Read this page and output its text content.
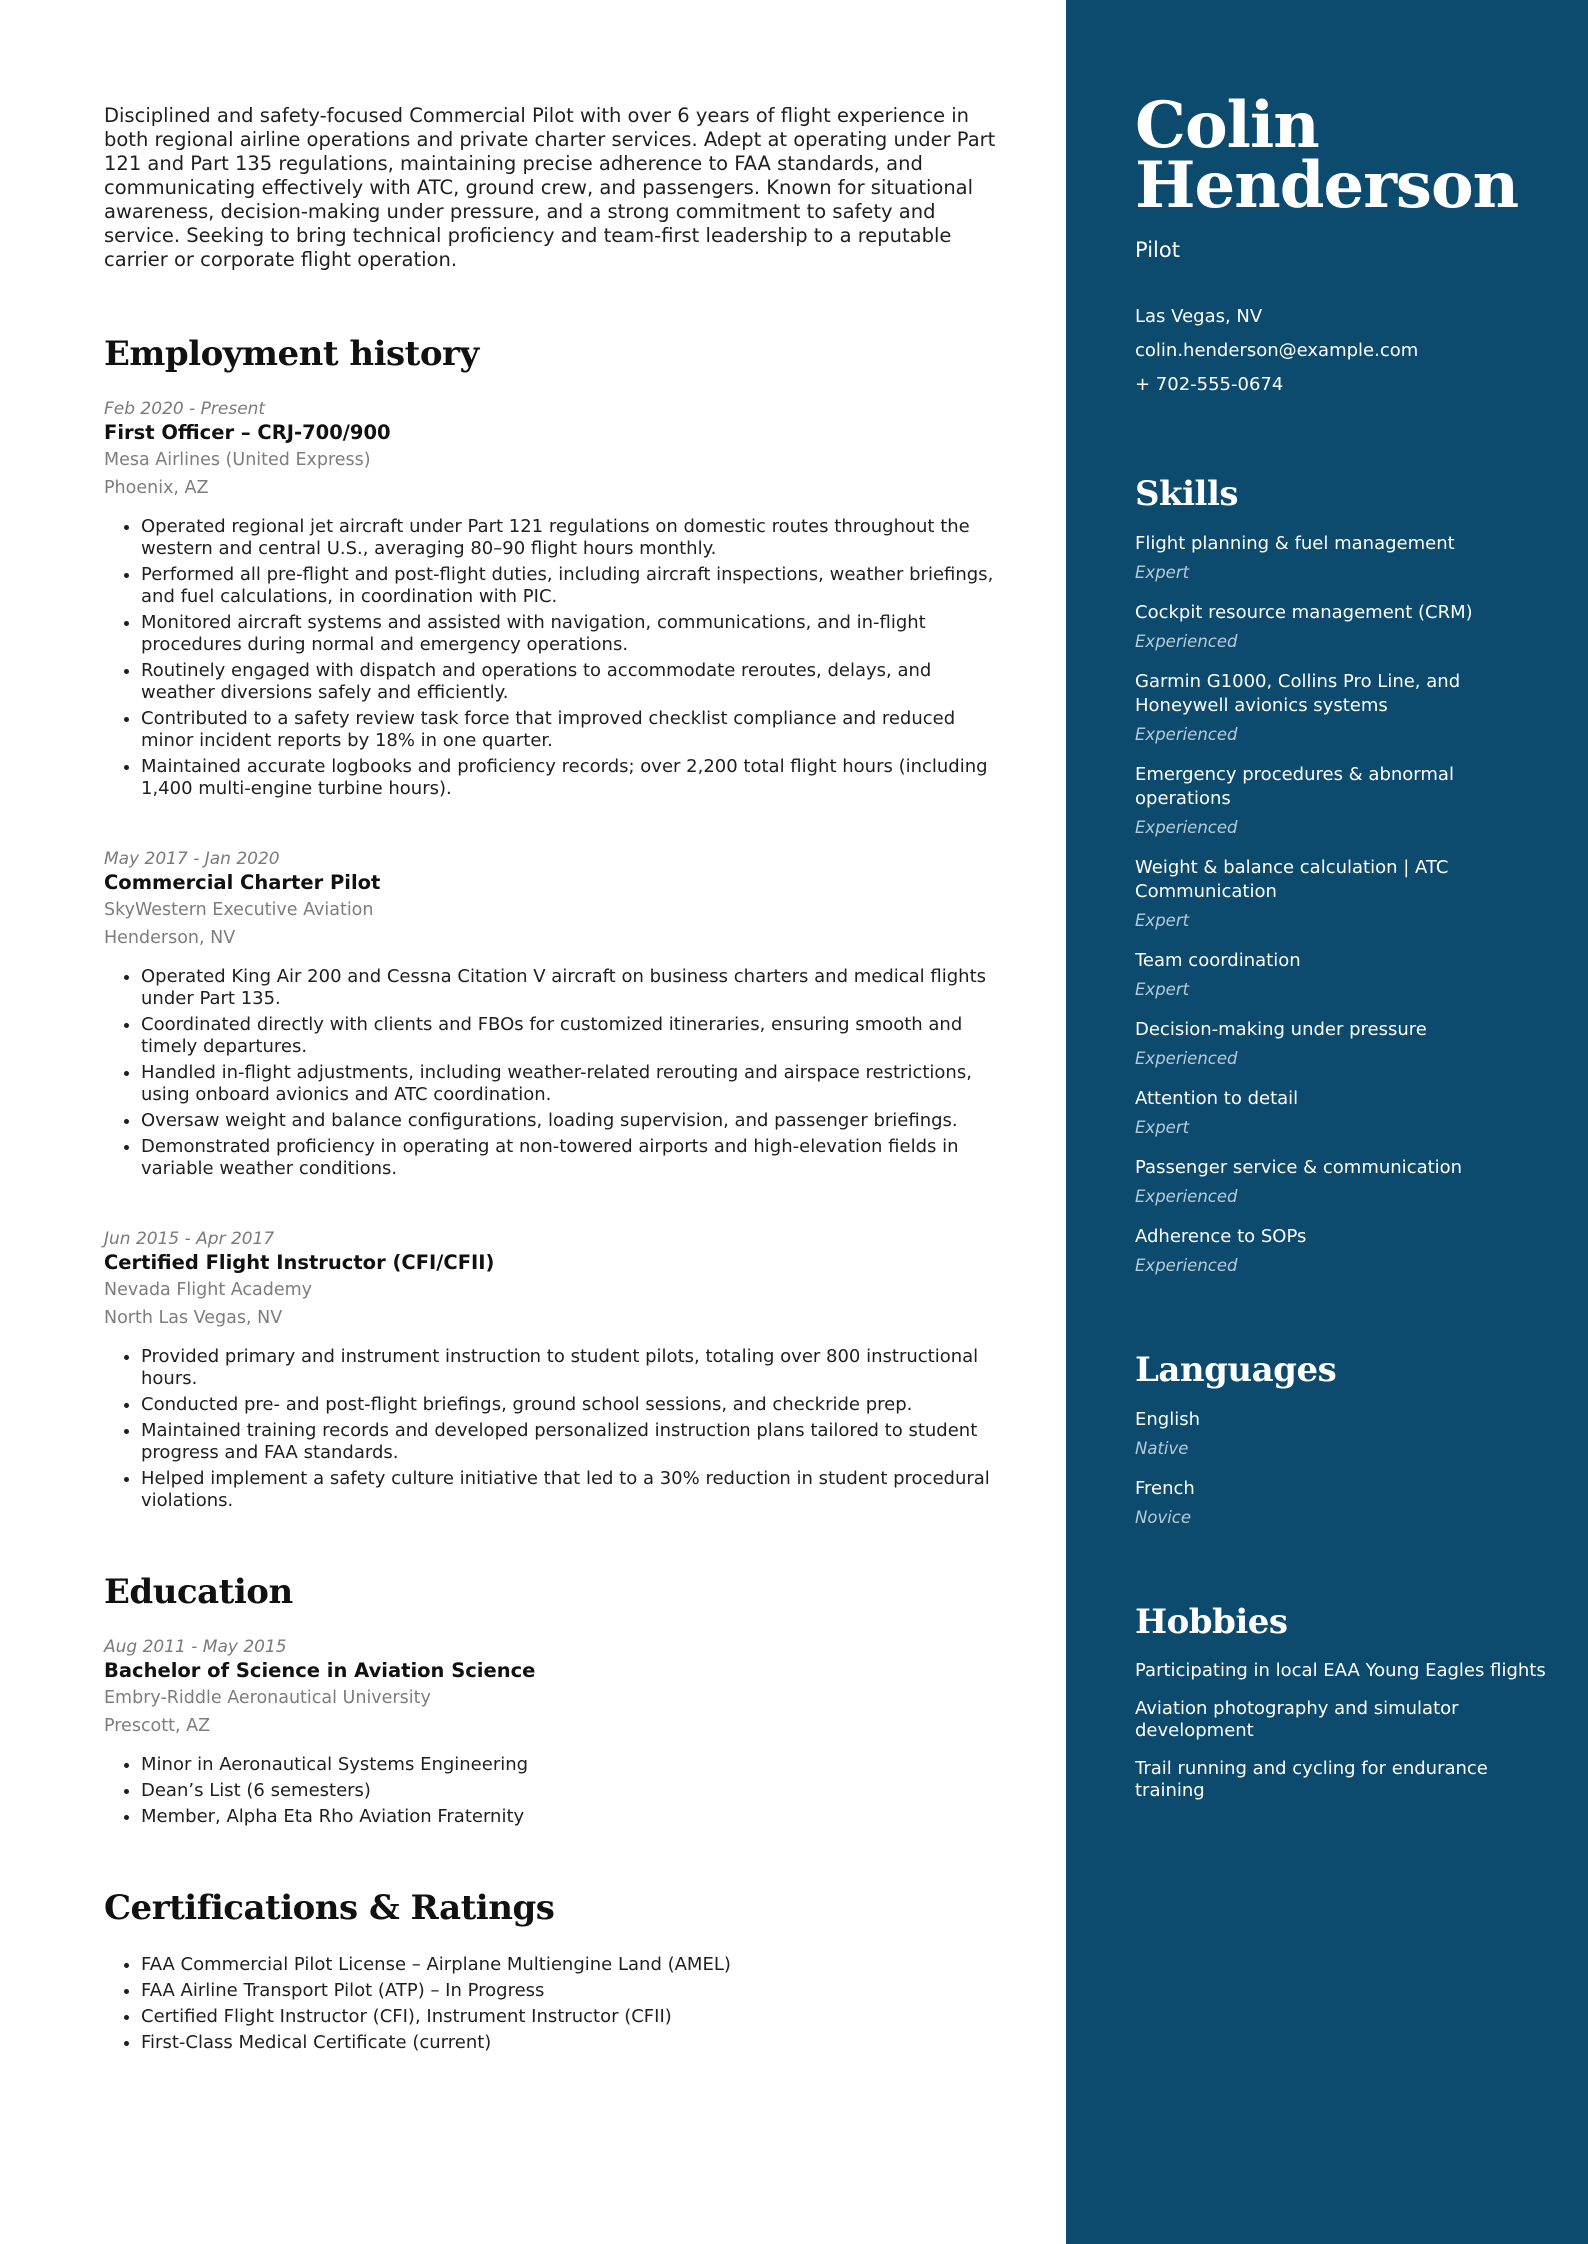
Disciplined and safety-focused Commercial Pilot with over 6 years of flight experience in both regional airline operations and private charter services. Adept at operating under Part 121 and Part 135 regulations, maintaining precise adherence to FAA standards, and communicating effectively with ATC, ground crew, and passengers. Known for situational awareness, decision-making under pressure, and a strong commitment to safety and service. Seeking to bring technical proficiency and team-first leadership to a reputable carrier or corporate flight operation.

Employment history
Feb 2020 - Present
First Officer – CRJ-700/900
Mesa Airlines (United Express)
Phoenix, AZ
• Operated regional jet aircraft under Part 121 regulations on domestic routes throughout the western and central U.S., averaging 80–90 flight hours monthly.
• Performed all pre-flight and post-flight duties, including aircraft inspections, weather briefings, and fuel calculations, in coordination with PIC.
• Monitored aircraft systems and assisted with navigation, communications, and in-flight procedures during normal and emergency operations.
• Routinely engaged with dispatch and operations to accommodate reroutes, delays, and weather diversions safely and efficiently.
• Contributed to a safety review task force that improved checklist compliance and reduced minor incident reports by 18% in one quarter.
• Maintained accurate logbooks and proficiency records; over 2,200 total flight hours (including 1,400 multi-engine turbine hours).
May 2017 - Jan 2020
Commercial Charter Pilot
SkyWestern Executive Aviation
Henderson, NV
• Operated King Air 200 and Cessna Citation V aircraft on business charters and medical flights under Part 135.
• Coordinated directly with clients and FBOs for customized itineraries, ensuring smooth and timely departures.
• Handled in-flight adjustments, including weather-related rerouting and airspace restrictions, using onboard avionics and ATC coordination.
• Oversaw weight and balance configurations, loading supervision, and passenger briefings.
• Demonstrated proficiency in operating at non-towered airports and high-elevation fields in variable weather conditions.
Jun 2015 - Apr 2017
Certified Flight Instructor (CFI/CFII)
Nevada Flight Academy
North Las Vegas, NV
• Provided primary and instrument instruction to student pilots, totaling over 800 instructional hours.
• Conducted pre- and post-flight briefings, ground school sessions, and checkride prep.
• Maintained training records and developed personalized instruction plans tailored to student progress and FAA standards.
• Helped implement a safety culture initiative that led to a 30% reduction in student procedural violations.
Education
Aug 2011 - May 2015
Bachelor of Science in Aviation Science
Embry-Riddle Aeronautical University
Prescott, AZ
• Minor in Aeronautical Systems Engineering
• Dean’s List (6 semesters)
• Member, Alpha Eta Rho Aviation Fraternity
Certifications & Ratings
• FAA Commercial Pilot License – Airplane Multiengine Land (AMEL)
• FAA Airline Transport Pilot (ATP) – In Progress
• Certified Flight Instructor (CFI), Instrument Instructor (CFII)
• First-Class Medical Certificate (current)
Colin
Henderson
Pilot
Las Vegas, NV
colin.henderson@example.com
+ 702-555-0674
Skills
Flight planning & fuel management
Expert
Cockpit resource management (CRM)
Experienced
Garmin G1000, Collins Pro Line, and Honeywell avionics systems
Experienced
Emergency procedures & abnormal operations
Experienced
Weight & balance calculation | ATC Communication
Expert
Team coordination
Expert
Decision-making under pressure
Experienced
Attention to detail
Expert
Passenger service & communication
Experienced
Adherence to SOPs
Experienced
Languages
English
Native
French
Novice
Hobbies
Participating in local EAA Young Eagles flights
Aviation photography and simulator development
Trail running and cycling for endurance training
